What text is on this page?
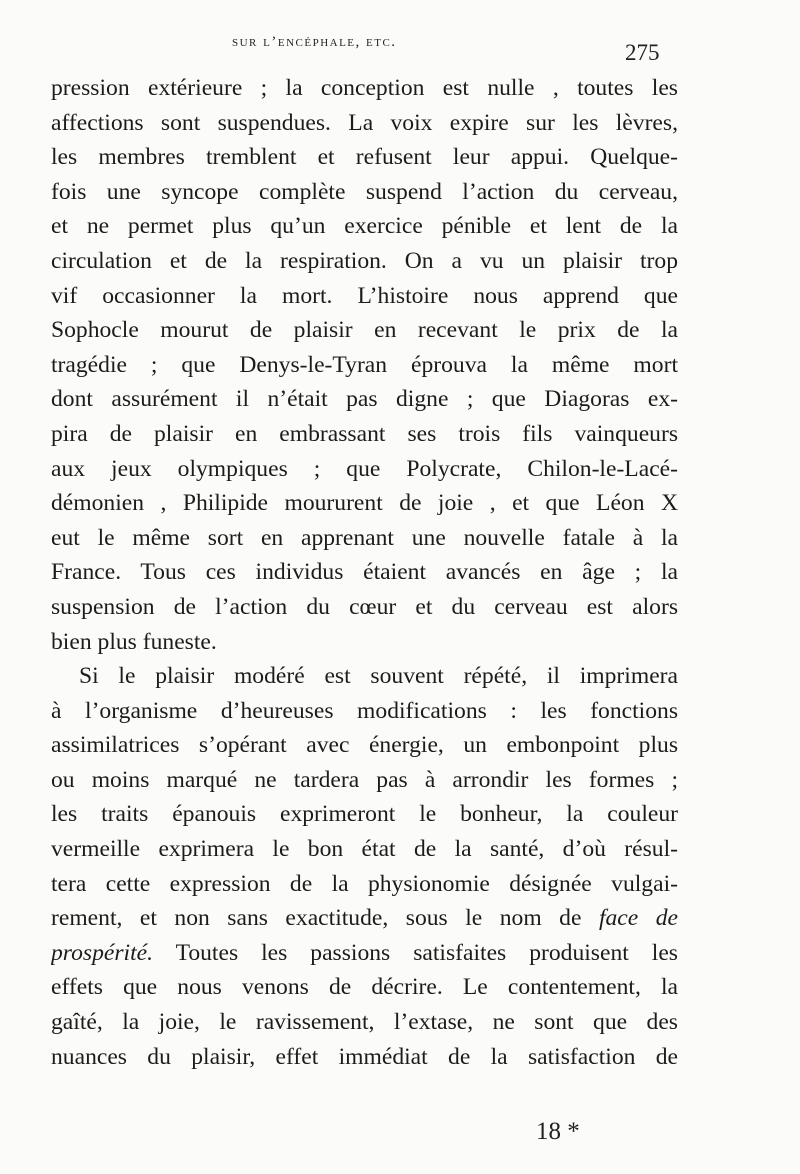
sur l’encéphale, etc.	275
pression extérieure ; la conception est nulle , toutes les
affections sont suspendues. La voix expire sur les lèvres,
les membres tremblent et refusent leur appui. Quelque-
fois une syncope complète suspend l’action du cerveau,
et ne permet plus qu’un exercice pénible et lent de la
circulation et de la respiration. On a vu un plaisir trop
vif occasionner la mort. L’histoire nous apprend que
Sophocle mourut de plaisir en recevant le prix de la
tragédie ; que Denys-le-Tyran éprouva la même mort
dont assurément il n’était pas digne ; que Diagoras ex-
pira de plaisir en embrassant ses trois fils vainqueurs
aux jeux olympiques ; que Polycrate, Chilon-le-Lacé-
démonien , Philipide moururent de joie , et que Léon X
eut le même sort en apprenant une nouvelle fatale à la
France. Tous ces individus étaient avancés en âge ; la
suspension de l’action du cœur et du cerveau est alors
bien plus funeste.
Si le plaisir modéré est souvent répété, il imprimera
à l’organisme d’heureuses modifications : les fonctions
assimilatrices s’opérant avec énergie, un embonpoint plus
ou moins marqué ne tardera pas à arrondir les formes ;
les traits épanouis exprimeront le bonheur, la couleur
vermeille exprimera le bon état de la santé, d’où résul-
tera cette expression de la physionomie désignée vulgai-
rement, et non sans exactitude, sous le nom de face de
prospérité. Toutes les passions satisfaites produisent les
effets que nous venons de décrire. Le contentement, la
gaîté, la joie, le ravissement, l’extase, ne sont que des
nuances du plaisir, effet immédiat de la satisfaction de
18 *
